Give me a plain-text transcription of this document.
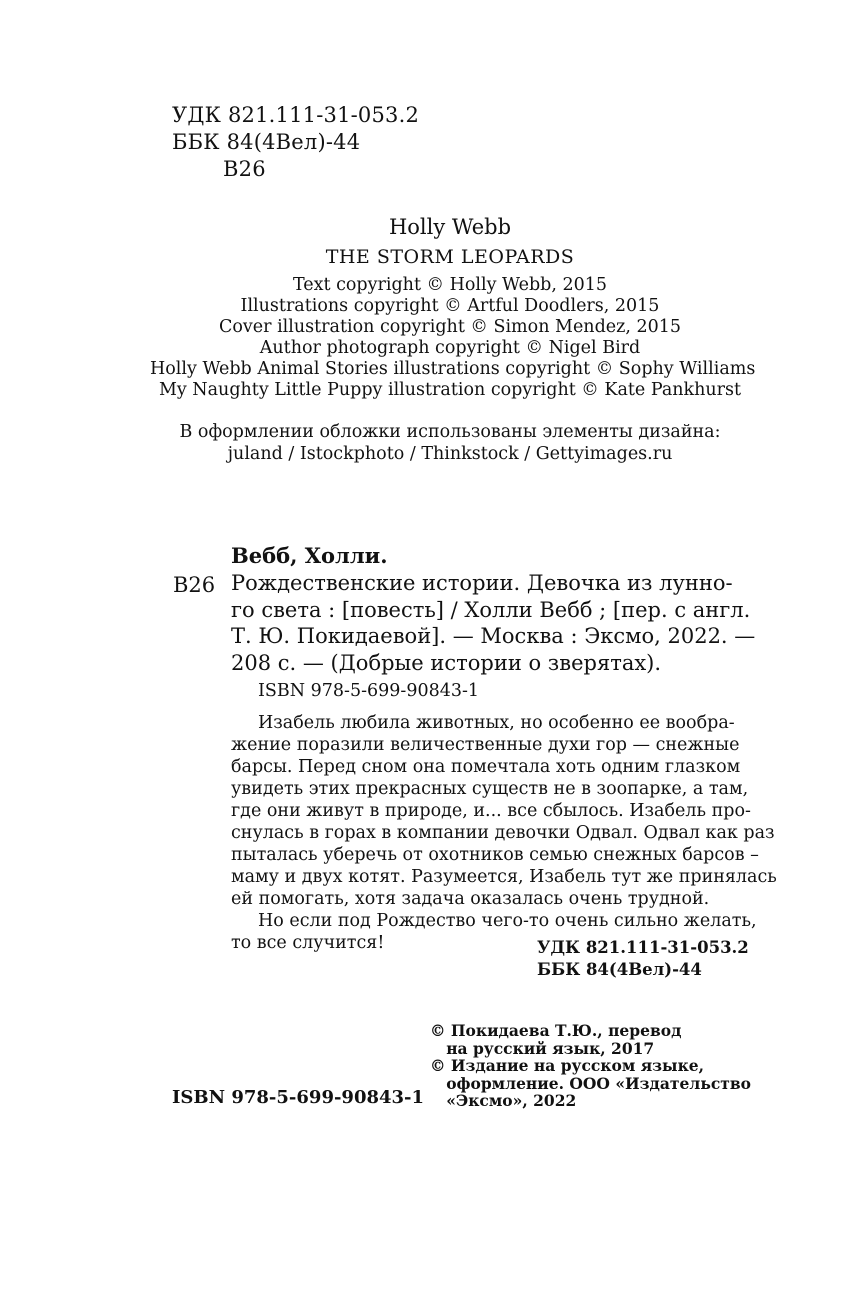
УДК 821.111-31-053.2
ББК 84(4Вел)-44
В26
Holly Webb
THE STORM LEOPARDS
Text copyright © Holly Webb, 2015
Illustrations copyright © Artful Doodlers, 2015
Cover illustration copyright © Simon Mendez, 2015
Author photograph copyright © Nigel Bird
Holly Webb Animal Stories illustrations copyright © Sophy Williams
My Naughty Little Puppy illustration copyright © Kate Pankhurst
В оформлении обложки использованы элементы дизайна:
juland / Istockphoto / Thinkstock / Gettyimages.ru
Вебб, Холли.
В26 Рождественские истории. Девочка из лунно-
го света : [повесть] / Холли Вебб ; [пер. с англ.
Т. Ю. Покидаевой]. — Москва : Эксмо, 2022. —
208 с. — (Добрые истории о зверятах).
ISBN 978-5-699-90843-1
Изабель любила животных, но особенно ее вообра-
жение поразили величественные духи гор — снежные
барсы. Перед сном она помечтала хоть одним глазком
увидеть этих прекрасных существ не в зоопарке, а там,
где они живут в природе, и... все сбылось. Изабель про-
снулась в горах в компании девочки Одвал. Одвал как раз
пыталась уберечь от охотников семью снежных барсов –
маму и двух котят. Разумеется, Изабель тут же принялась
ей помогать, хотя задача оказалась очень трудной.
Но если под Рождество чего-то очень сильно желать,
то все случится!	УДК 821.111-31-053.2
ББК 84(4Вел)-44
© Покидаева Т.Ю., перевод
на русский язык, 2017
© Издание на русском языке,
оформление. ООО «Издательство
«Эксмо», 2022
ISBN 978-5-699-90843-1
